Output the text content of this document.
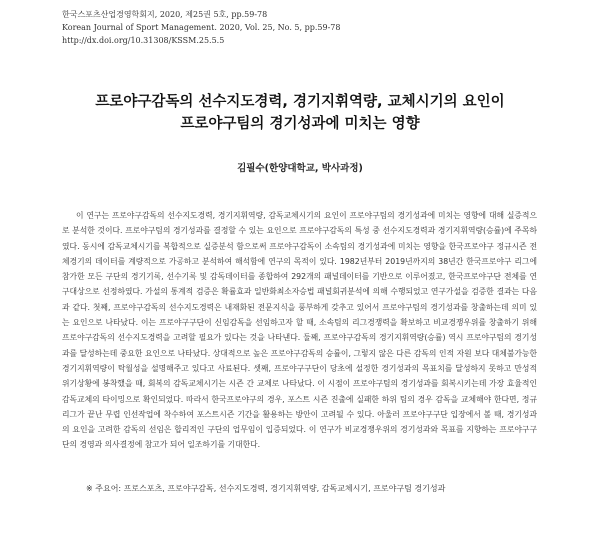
한국스포츠산업경영학회지, 2020, 제25권 5호, pp.59-78
Korean Journal of Sport Management. 2020, Vol. 25, No. 5, pp.59-78
http://dx.doi.org/10.31308/KSSM.25.5.5
프로야구감독의 선수지도경력, 경기지휘역량, 교체시기의 요인이
프로야구팀의 경기성과에 미치는 영향
김필수(한양대학교, 박사과정)

이 연구는 프로야구감독의 선수지도경력, 경기지휘역량, 감독교체시기의 요인이 프로야구팀의 경기성과에 미치는 영향에 대해 실증적으로 분석한 것이다. 프로야구팀의 경기성과를 결정할 수 있는 요인으로 프로야구감독의 특성 중 선수지도경력과 경기지휘역량(승률)에 주목하였다. 동시에 감독교체시기를 복합적으로 실증분석 함으로써 프로야구감독이 소속팀의 경기성과에 미치는 영향을 한국프로야구 정규시즌 전체경기의 데이터를 계량적으로 가공하고 분석하여 해석함에 연구의 목적이 있다. 1982년부터 2019년까지의 38년간 한국프로야구 리그에 참가한 모든 구단의 경기기록, 선수기록 및 감독데이터를 종합하여 292개의 패널데이터를 기반으로 이루어졌고, 한국프로야구단 전체를 연구대상으로 선정하였다. 가설의 통계적 검증은 확률효과 일반화최소자승법 패널회귀분석에 의해 수행되었고 연구가설을 검증한 결과는 다음과 같다. 첫째, 프로야구감독의 선수지도경력은 내재화된 전문지식을 풍부하게 갖추고 있어서 프로야구팀의 경기성과를 창출하는데 의미 있는 요인으로 나타났다. 이는 프로야구구단이 신임감독을 선임하고자 할 때, 소속팀의 리그경쟁력을 확보하고 비교경쟁우위를 창출하기 위해 프로야구감독의 선수지도경력을 고려할 필요가 있다는 것을 나타낸다. 둘째, 프로야구감독의 경기지휘역량(승률) 역시 프로야구팀의 경기성과를 달성하는데 중요한 요인으로 나타났다. 상대적으로 높은 프로야구감독의 승률이, 그렇지 않은 다른 감독의 인적 자원 보다 대체불가능한 경기지휘역량이 탁월성을 설명해주고 있다고 사료된다. 셋째, 프로야구구단이 당초에 설정한 경기성과의 목표치를 달성하지 못하고 만성적 위기상황에 봉착했을 때, 회복의 감독교체시기는 시즌 간 교체로 나타났다. 이 시점이 프로야구팀의 경기성과를 회복시키는데 가장 효율적인 감독교체의 타이밍으로 확인되었다. 따라서 한국프로야구의 경우, 포스트 시즌 진출에 실패한 하위 팀의 경우 감독을 교체해야 한다면, 정규리그가 끝난 무렵 인선작업에 착수하여 포스트시즌 기간을 활용하는 방안이 고려될 수 있다. 아울러 프로야구구단 입장에서 볼 때, 경기성과의 요인을 고려한 감독의 선임은 합리적인 구단의 업무임이 입증되었다. 이 연구가 비교경쟁우위의 경기성과와 목표를 지향하는 프로야구구단의 경영과 의사결정에 참고가 되어 일조하기를 기대한다.

※ 주요어: 프로스포츠, 프로야구감독, 선수지도경력, 경기지휘역량, 감독교체시기, 프로야구팀 경기성과
